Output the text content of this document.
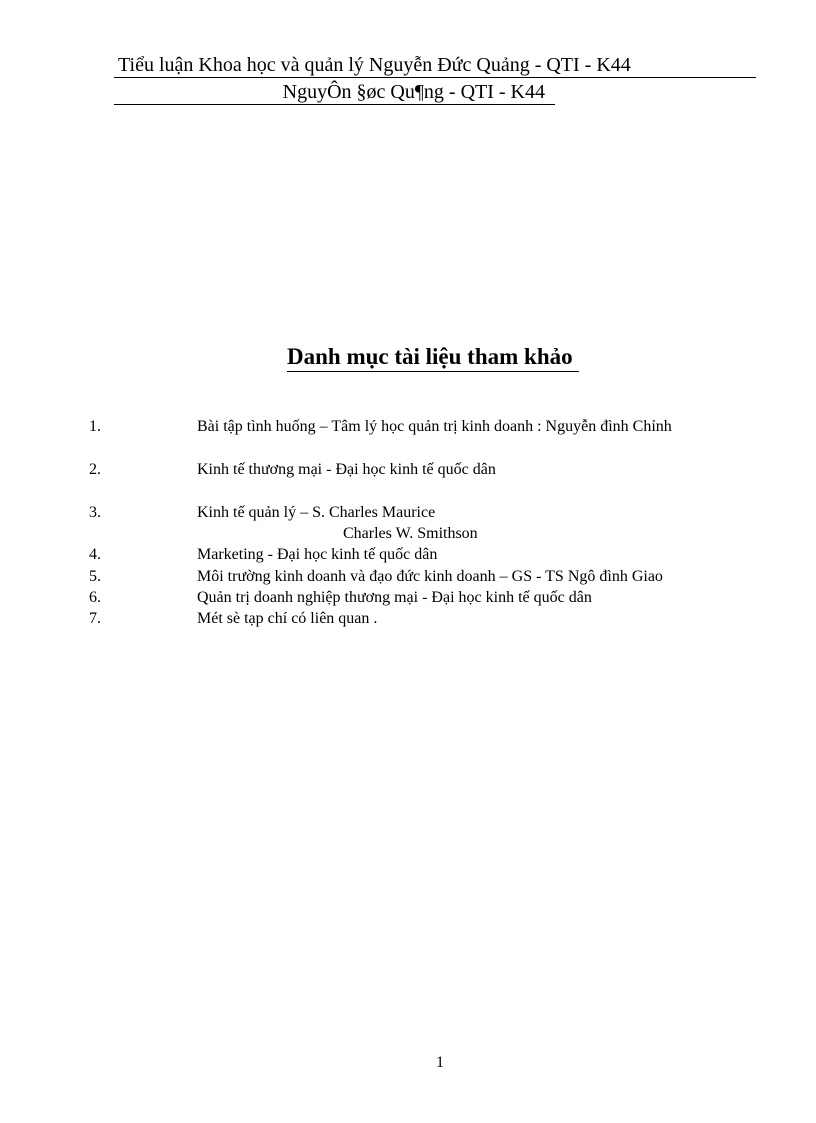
Tiểu luận Khoa học và quản lý Nguyễn Đức Quảng - QTI - K44
NguyÔn §øc Qu¶ng - QTI - K44
Danh mục tài liệu tham khảo
1.	Bài tập tình huống – Tâm lý học quản trị kinh doanh : Nguyễn đình Chỉnh
2.	Kinh tế thương mại - Đại học kinh tế quốc dân
3.	Kinh tế quản lý – S. Charles Maurice
Charles W. Smithson
4.	Marketing - Đại học kinh tế quốc dân
5.	Môi trường kinh doanh và đạo đức kinh doanh – GS - TS Ngô đình Giao
6.	Quản trị doanh nghiệp thương mại - Đại học kinh tế quốc dân
7.	Mét sè tạp chí có liên quan .
1
